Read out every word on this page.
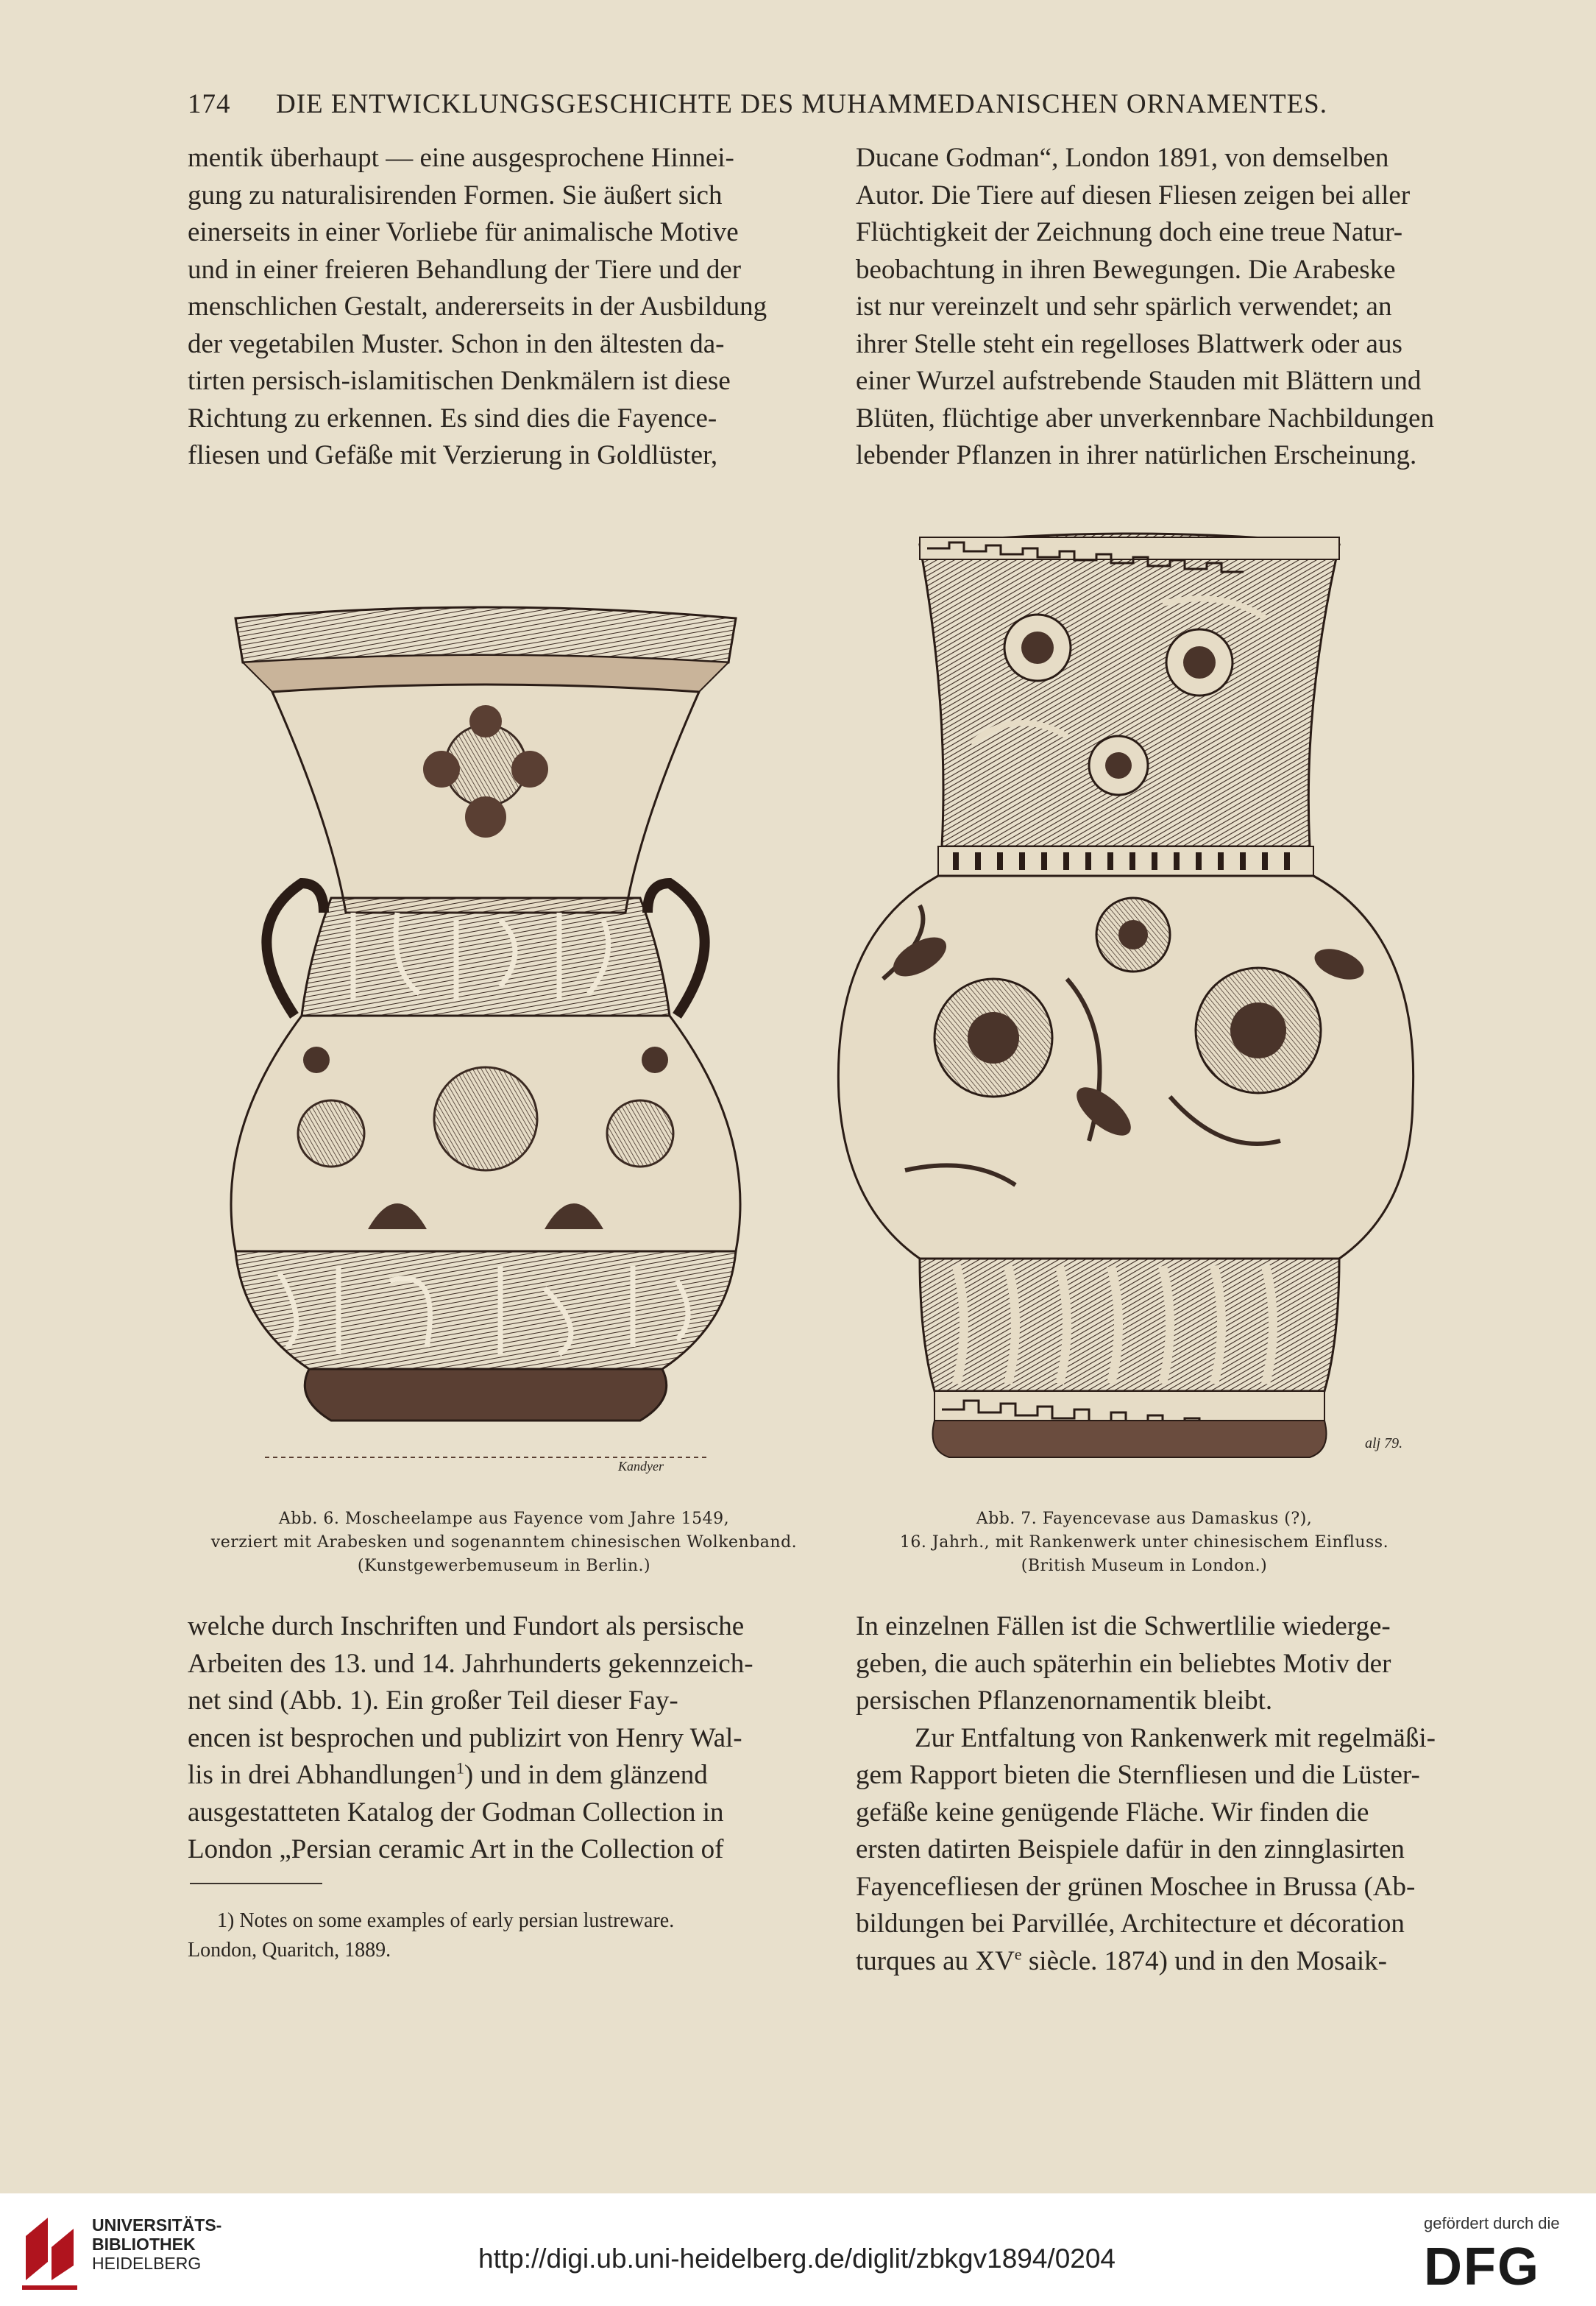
174 DIE ENTWICKLUNGSGESCHICHTE DES MUHAMMEDANISCHEN ORNAMENTES.
mentik überhaupt — eine ausgesprochene Hinnei-
gung zu naturalisirenden Formen. Sie äußert sich
einerseits in einer Vorliebe für animalische Motive
und in einer freieren Behandlung der Tiere und der
menschlichen Gestalt, andererseits in der Ausbildung
der vegetabilen Muster. Schon in den ältesten da-
tirten persisch-islamitischen Denkmälern ist diese
Richtung zu erkennen. Es sind dies die Fayence-
fliesen und Gefäße mit Verzierung in Goldlüster,
Ducane Godman“, London 1891, von demselben
Autor. Die Tiere auf diesen Fliesen zeigen bei aller
Flüchtigkeit der Zeichnung doch eine treue Natur-
beobachtung in ihren Bewegungen. Die Arabeske
ist nur vereinzelt und sehr spärlich verwendet; an
ihrer Stelle steht ein regelloses Blattwerk oder aus
einer Wurzel aufstrebende Stauden mit Blättern und
Blüten, flüchtige aber unverkennbare Nachbildungen
lebender Pflanzen in ihrer natürlichen Erscheinung.
Kandyer
Abb. 6. Moscheelampe aus Fayence vom Jahre 1549,
verziert mit Arabesken und sogenanntem chinesischen Wolkenband.
(Kunstgewerbemuseum in Berlin.)
alj 79.
Abb. 7. Fayencevase aus Damaskus (?),
16. Jahrh., mit Rankenwerk unter chinesischem Einfluss.
(British Museum in London.)
welche durch Inschriften und Fundort als persische
Arbeiten des 13. und 14. Jahrhunderts gekennzeich-
net sind (Abb. 1). Ein großer Teil dieser Fay-
encen ist besprochen und publizirt von Henry Wal-
lis in drei Abhandlungen$^1$) und in dem glänzend
ausgestatteten Katalog der Godman Collection in
London „Persian ceramic Art in the Collection of
In einzelnen Fällen ist die Schwertlilie wiederge-
geben, die auch späterhin ein beliebtes Motiv der
persischen Pflanzenornamentik bleibt.
Zur Entfaltung von Rankenwerk mit regelmäßi-
gem Rapport bieten die Sternfliesen und die Lüster-
gefäße keine genügende Fläche. Wir finden die
ersten datirten Beispiele dafür in den zinnglasirten
Fayencefliesen der grünen Moschee in Brussa (Ab-
bildungen bei Parvillée, Architecture et décoration
turques au XVe siècle. 1874) und in den Mosaik-
1) Notes on some examples of early persian lustreware.
London, Quaritch, 1889.
UNIVERSITÄTS-
BIBLIOTHEK
HEIDELBERG	http://digi.ub.uni-heidelberg.de/diglit/zbkgv1894/0204
gefördert durch die
DFG
